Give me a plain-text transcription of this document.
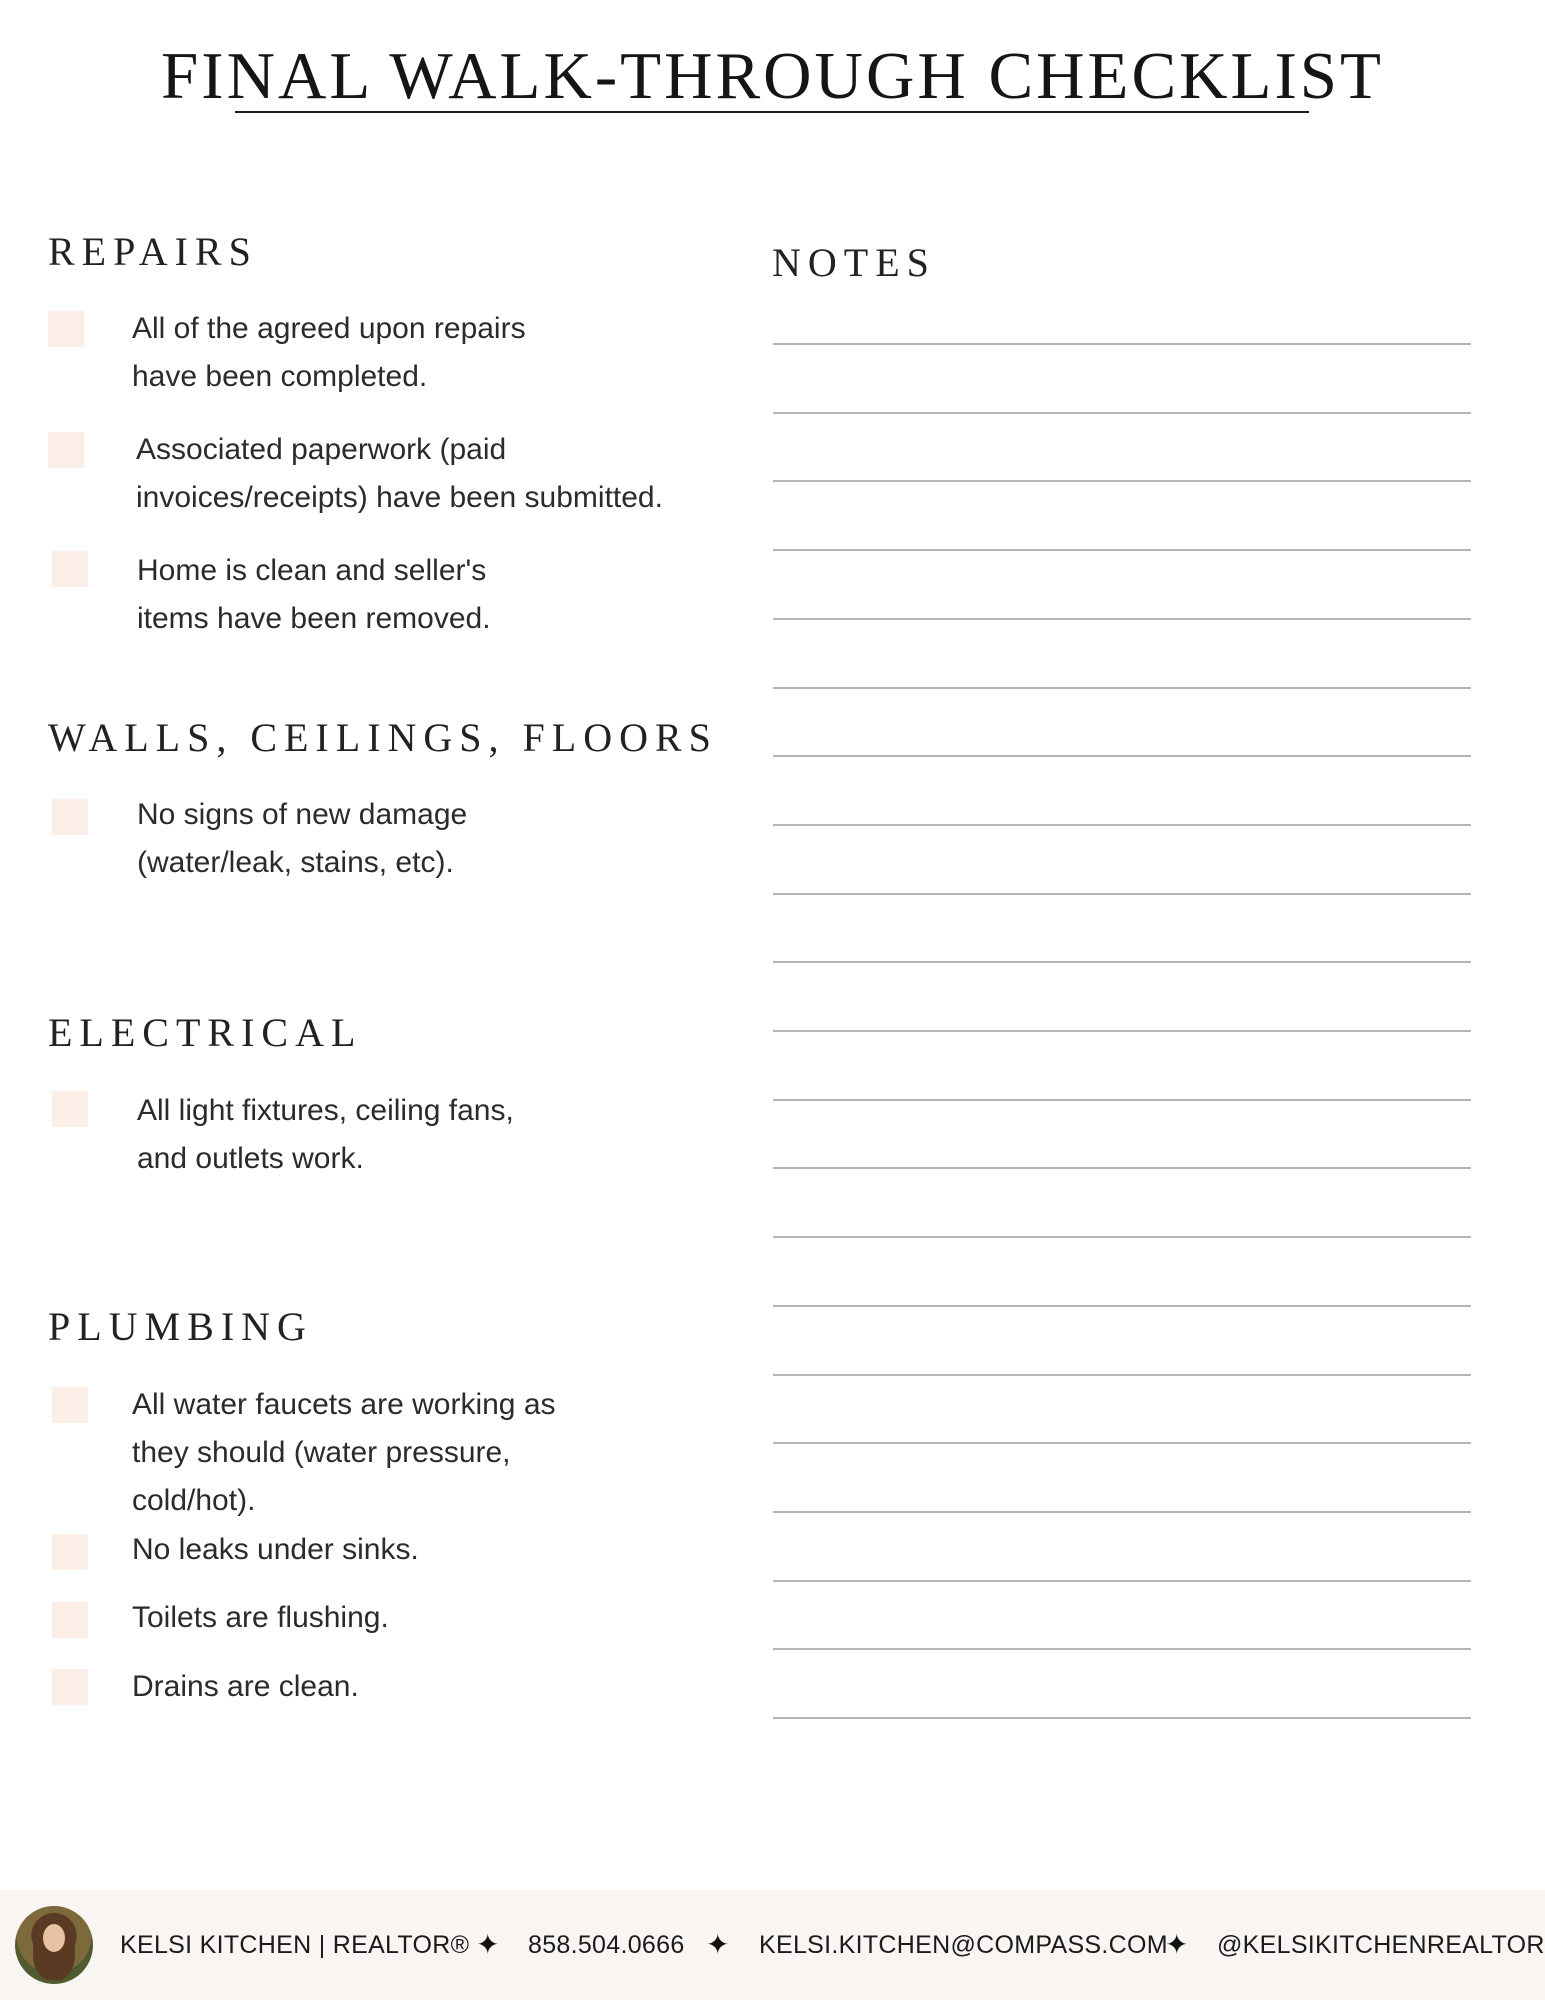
FINAL WALK-THROUGH CHECKLIST
REPAIRS
All of the agreed upon repairs
have been completed.
Associated paperwork (paid
invoices/receipts) have been submitted.
Home is clean and seller's
items have been removed.
WALLS, CEILINGS, FLOORS
No signs of new damage
(water/leak, stains, etc).
ELECTRICAL
All light fixtures, ceiling fans,
and outlets work.
PLUMBING
All water faucets are working as
they should (water pressure,
cold/hot).
No leaks under sinks.
Toilets are flushing.
Drains are clean.
NOTES
KELSI KITCHEN | REALTOR® ✦ 858.504.0666 ✦ KELSI.KITCHEN@COMPASS.COM
✦ @KELSIKITCHENREALTOR
